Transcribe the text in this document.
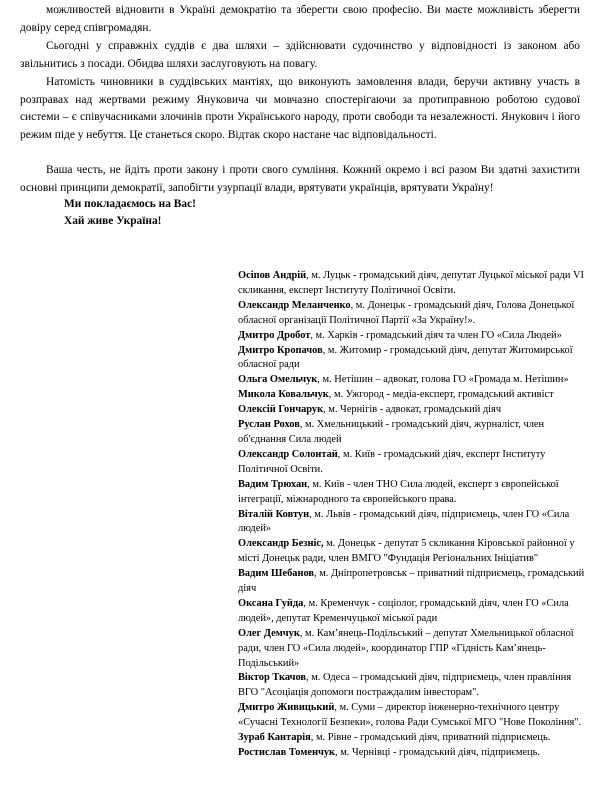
можливостей відновити в Україні демократію та зберегти свою професію. Ви маєте можливість зберегти довіру серед співгромадян.

Сьогодні у справжніх суддів є два шляхи – здійснювати судочинство у відповідності із законом або звільнитись з посади. Обидва шляхи заслуговують на повагу.

Натомість чиновники в суддівських мантіях, що виконують замовлення влади, беручи активну участь в розправах над жертвами режиму Януковича чи мовчазно спостерігаючи за протиправною роботою судової системи – є співучасниками злочинів проти Українського народу, проти свободи та незалежності. Янукович і його режим піде у небуття. Це станеться скоро. Відтак скоро настане час відповідальності.

Ваша честь, не йдіть проти закону і проти свого сумління. Кожний окремо і всі разом Ви здатні захистити основні принципи демократії, запобігти узурпації влади, врятувати українців, врятувати Україну!

Ми покладаємось на Вас!

Хай живе Україна!

Осіпов Андрій, м. Луцьк - громадський діяч, депутат Луцької міської ради VI скликання, експерт Інституту Політичної Освіти.

Олександр Меланченко, м. Донецьк - громадський діяч, Голова Донецької обласної організації Політичної Партії «За Україну!».

Дмитро Дробот, м. Харків - громадський діяч та член ГО «Сила Людей»

Дмитро Кропачов, м. Житомир - громадський діяч, депутат Житомирської обласної ради

Ольга Омельчук, м. Нетішин – адвокат, голова ГО «Громада м. Нетішин»

Микола Ковальчук, м. Ужгород - медіа-експерт, громадський активіст

Олексій Гончарук, м. Чернігів - адвокат, громадський діяч

Руслан Рохов, м. Хмельницький - громадський діяч, журналіст, член об'єднання Сила людей

Олександр Солонтай, м. Київ - громадський діяч, експерт Інституту Політичної Освіти.

Вадим Трюхан, м. Київ - член ТНО Сила людей, експерт з європейської інтеграції, міжнародного та європейського права.

Віталій Ковтун, м. Львів - громадський діяч, підприємець, член ГО «Сила людей»

Олександр Безніс, м. Донецьк - депутат 5 скликання Кіровської районної у місті Донецьк ради, член ВМГО "Фундація Регіональних Ініціатив"

Вадим Шебанов, м. Дніпропетровськ – приватний підприємець, громадський діяч

Оксана Гуйда, м. Кременчук - соціолог, громадський діяч, член ГО «Сила людей», депутат Кременчуцької міської ради

Олег Демчук, м. Кам’янець-Подільський – депутат Хмельницької обласної ради, член ГО «Сила людей», координатор ГПР «Гідність Кам’янець-Подільський»

Віктор Ткачов, м. Одеса – громадський діяч, підприємець, член правління ВГО "Асоціація допомоги постраждалим інвесторам".

Дмитро Живицький, м. Суми – директор інженерно-технічного центру «Сучасні Технології Безпеки», голова Ради Сумської МГО "Нове Покоління".

Зураб Кантарія, м. Рівне - громадський діяч, приватний підприємець.

Ростислав Томенчук, м. Чернівці - громадський діяч, підприємець.
